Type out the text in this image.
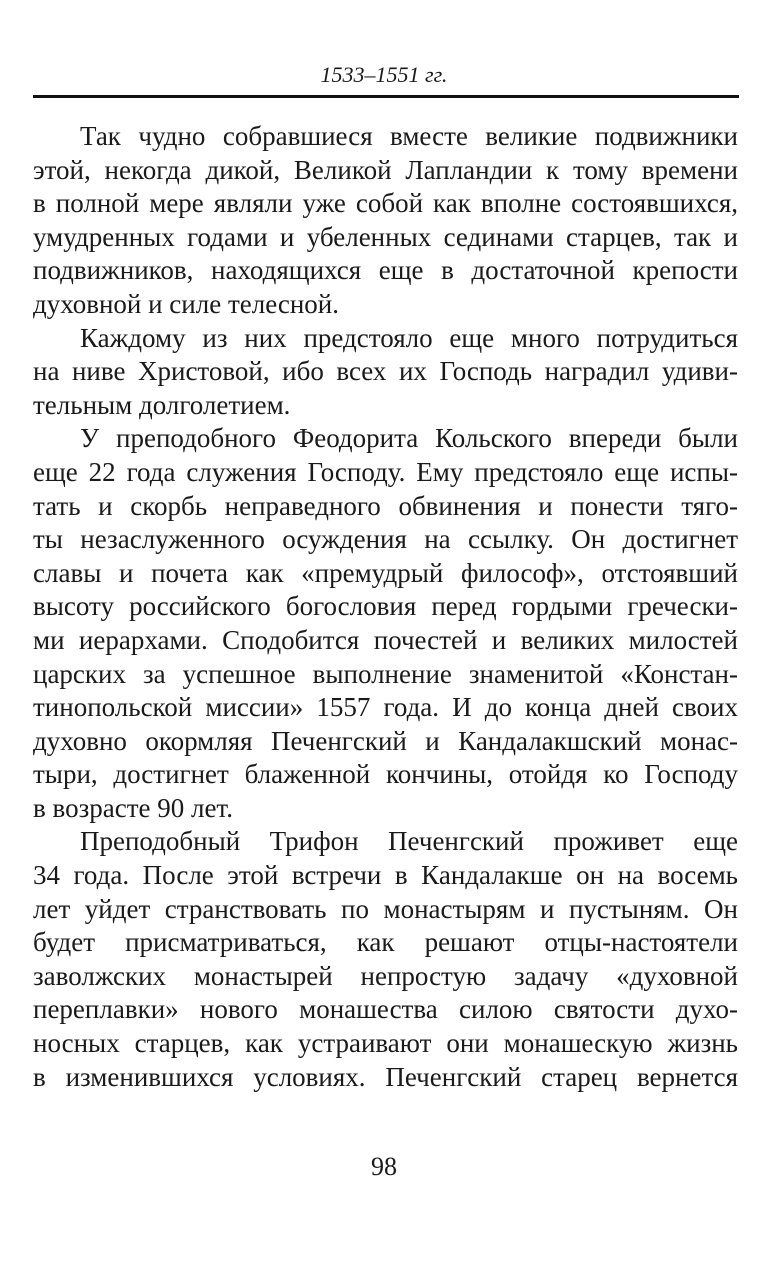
1533–1551 гг.
Так чудно собравшиеся вместе великие подвижники
этой, некогда дикой, Великой Лапландии к тому времени
в полной мере являли уже собой как вполне состоявшихся,
умудренных годами и убеленных сединами старцев, так и
подвижников, находящихся еще в достаточной крепости
духовной и силе телесной.
Каждому из них предстояло еще много потрудиться
на ниве Христовой, ибо всех их Господь наградил удиви-
тельным долголетием.
У преподобного Феодорита Кольского впереди были
еще 22 года служения Господу. Ему предстояло еще испы-
тать и скорбь неправедного обвинения и понести тяго-
ты незаслуженного осуждения на ссылку. Он достигнет
славы и почета как «премудрый философ», отстоявший
высоту российского богословия перед гордыми гречески-
ми иерархами. Сподобится почестей и великих милостей
царских за успешное выполнение знаменитой «Констан-
тинопольской миссии» 1557 года. И до конца дней своих
духовно окормляя Печенгский и Кандалакшский монас-
тыри, достигнет блаженной кончины, отойдя ко Господу
в возрасте 90 лет.
Преподобный Трифон Печенгский проживет еще
34 года. После этой встречи в Кандалакше он на восемь
лет уйдет странствовать по монастырям и пустыням. Он
будет присматриваться, как решают отцы-настоятели
заволжских монастырей непростую задачу «духовной
переплавки» нового монашества силою святости духо-
носных старцев, как устраивают они монашескую жизнь
в изменившихся условиях. Печенгский старец вернется
98
